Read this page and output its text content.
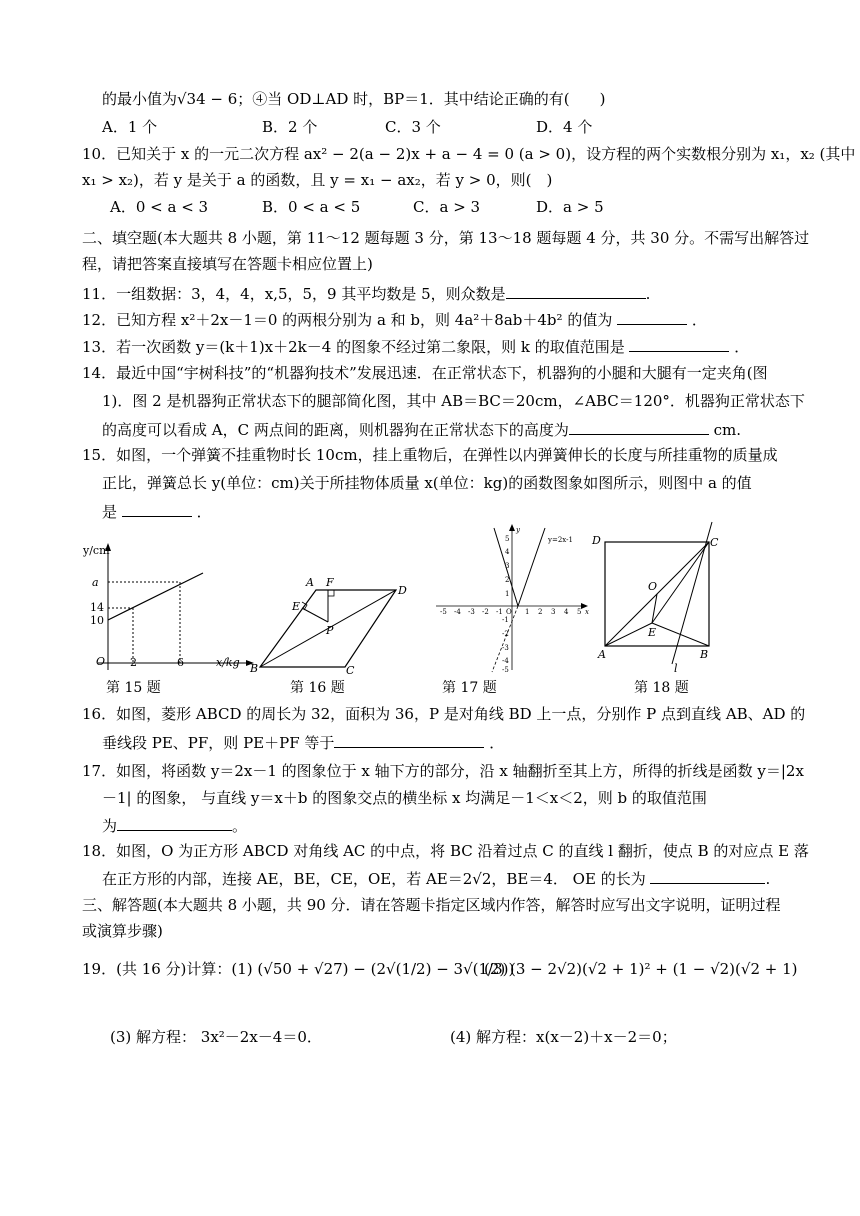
的最小值为√34 − 6；④当 OD⊥AD 时，BP＝1．其中结论正确的有(　　)
A．1 个	B．2 个	C．3 个	D．4 个
10．已知关于 x 的一元二次方程 ax² − 2(a − 2)x + a − 4 = 0 (a > 0)，设方程的两个实数根分别为 x₁，x₂ (其中
x₁ > x₂)，若 y 是关于 a 的函数，且 y = x₁ − ax₂，若 y > 0，则(　)
A．0 < a < 3	B．0 < a < 5	C．a > 3	D．a > 5
二、填空题(本大题共 8 小题，第 11～12 题每题 3 分，第 13～18 题每题 4 分，共 30 分。不需写出解答过
程，请把答案直接填写在答题卡相应位置上)
11．一组数据：3，4，4，x,5，5，9 其平均数是 5，则众数是	.
12．已知方程 x²＋2x－1＝0 的两根分别为 a 和 b，则 4a²＋8ab＋4b² 的值为	．
13．若一次函数 y＝(k＋1)x＋2k－4 的图象不经过第二象限，则 k 的取值范围是	．
14．最近中国“宇树科技”的“机器狗技术”发展迅速．在正常状态下，机器狗的小腿和大腿有一定夹角(图
1)．图 2 是机器狗正常状态下的腿部简化图，其中 AB＝BC＝20cm，∠ABC＝120°．机器狗正常状态下
的高度可以看成 A，C 两点间的距离，则机器狗在正常状态下的高度为	cm.
15．如图，一个弹簧不挂重物时长 10cm，挂上重物后，在弹性以内弹簧伸长的长度与所挂重物的质量成
正比，弹簧总长 y(单位：cm)关于所挂物体质量 x(单位：kg)的函数图象如图所示，则图中 a 的值
是	．
y/cm
a
14
10
O 2	6	x/kg
第 15 题
A F
D
E
P
B	C
第 16 题
y=2x-1
-5 -4 -3 -2 -1 O 1 2 3 4 5 x
5
4
3
2
1
-1
-2
-3
-4
-5
y
第 17 题
D	C
O
E
A	B
l
第 18 题
16．如图，菱形 ABCD 的周长为 32，面积为 36，P 是对角线 BD 上一点，分别作 P 点到直线 AB、AD 的
垂线段 PE、PF，则 PE＋PF 等于	．
17．如图，将函数 y＝2x－1 的图象位于 x 轴下方的部分，沿 x 轴翻折至其上方，所得的折线是函数 y＝|2x
－1| 的图象， 与直线 y＝x＋b 的图象交点的横坐标 x 均满足－1＜x＜2，则 b 的取值范围
为	。
18．如图，O 为正方形 ABCD 对角线 AC 的中点，将 BC 沿着过点 C 的直线 l 翻折，使点 B 的对应点 E 落
在正方形的内部，连接 AE，BE，CE，OE，若 AE＝2√2，BE＝4． OE 的长为	.
三、解答题(本大题共 8 小题，共 90 分．请在答题卡指定区域内作答，解答时应写出文字说明，证明过程
或演算步骤)
19．(共 16 分)计算：(1) (√50 + √27) − (2√(1/2) − 3√(1/3))
(2) (3 − 2√2)(√2 + 1)² + (1 − √2)(√2 + 1)
(3) 解方程： 3x²－2x－4＝0．	(4) 解方程：x(x－2)＋x－2＝0；
